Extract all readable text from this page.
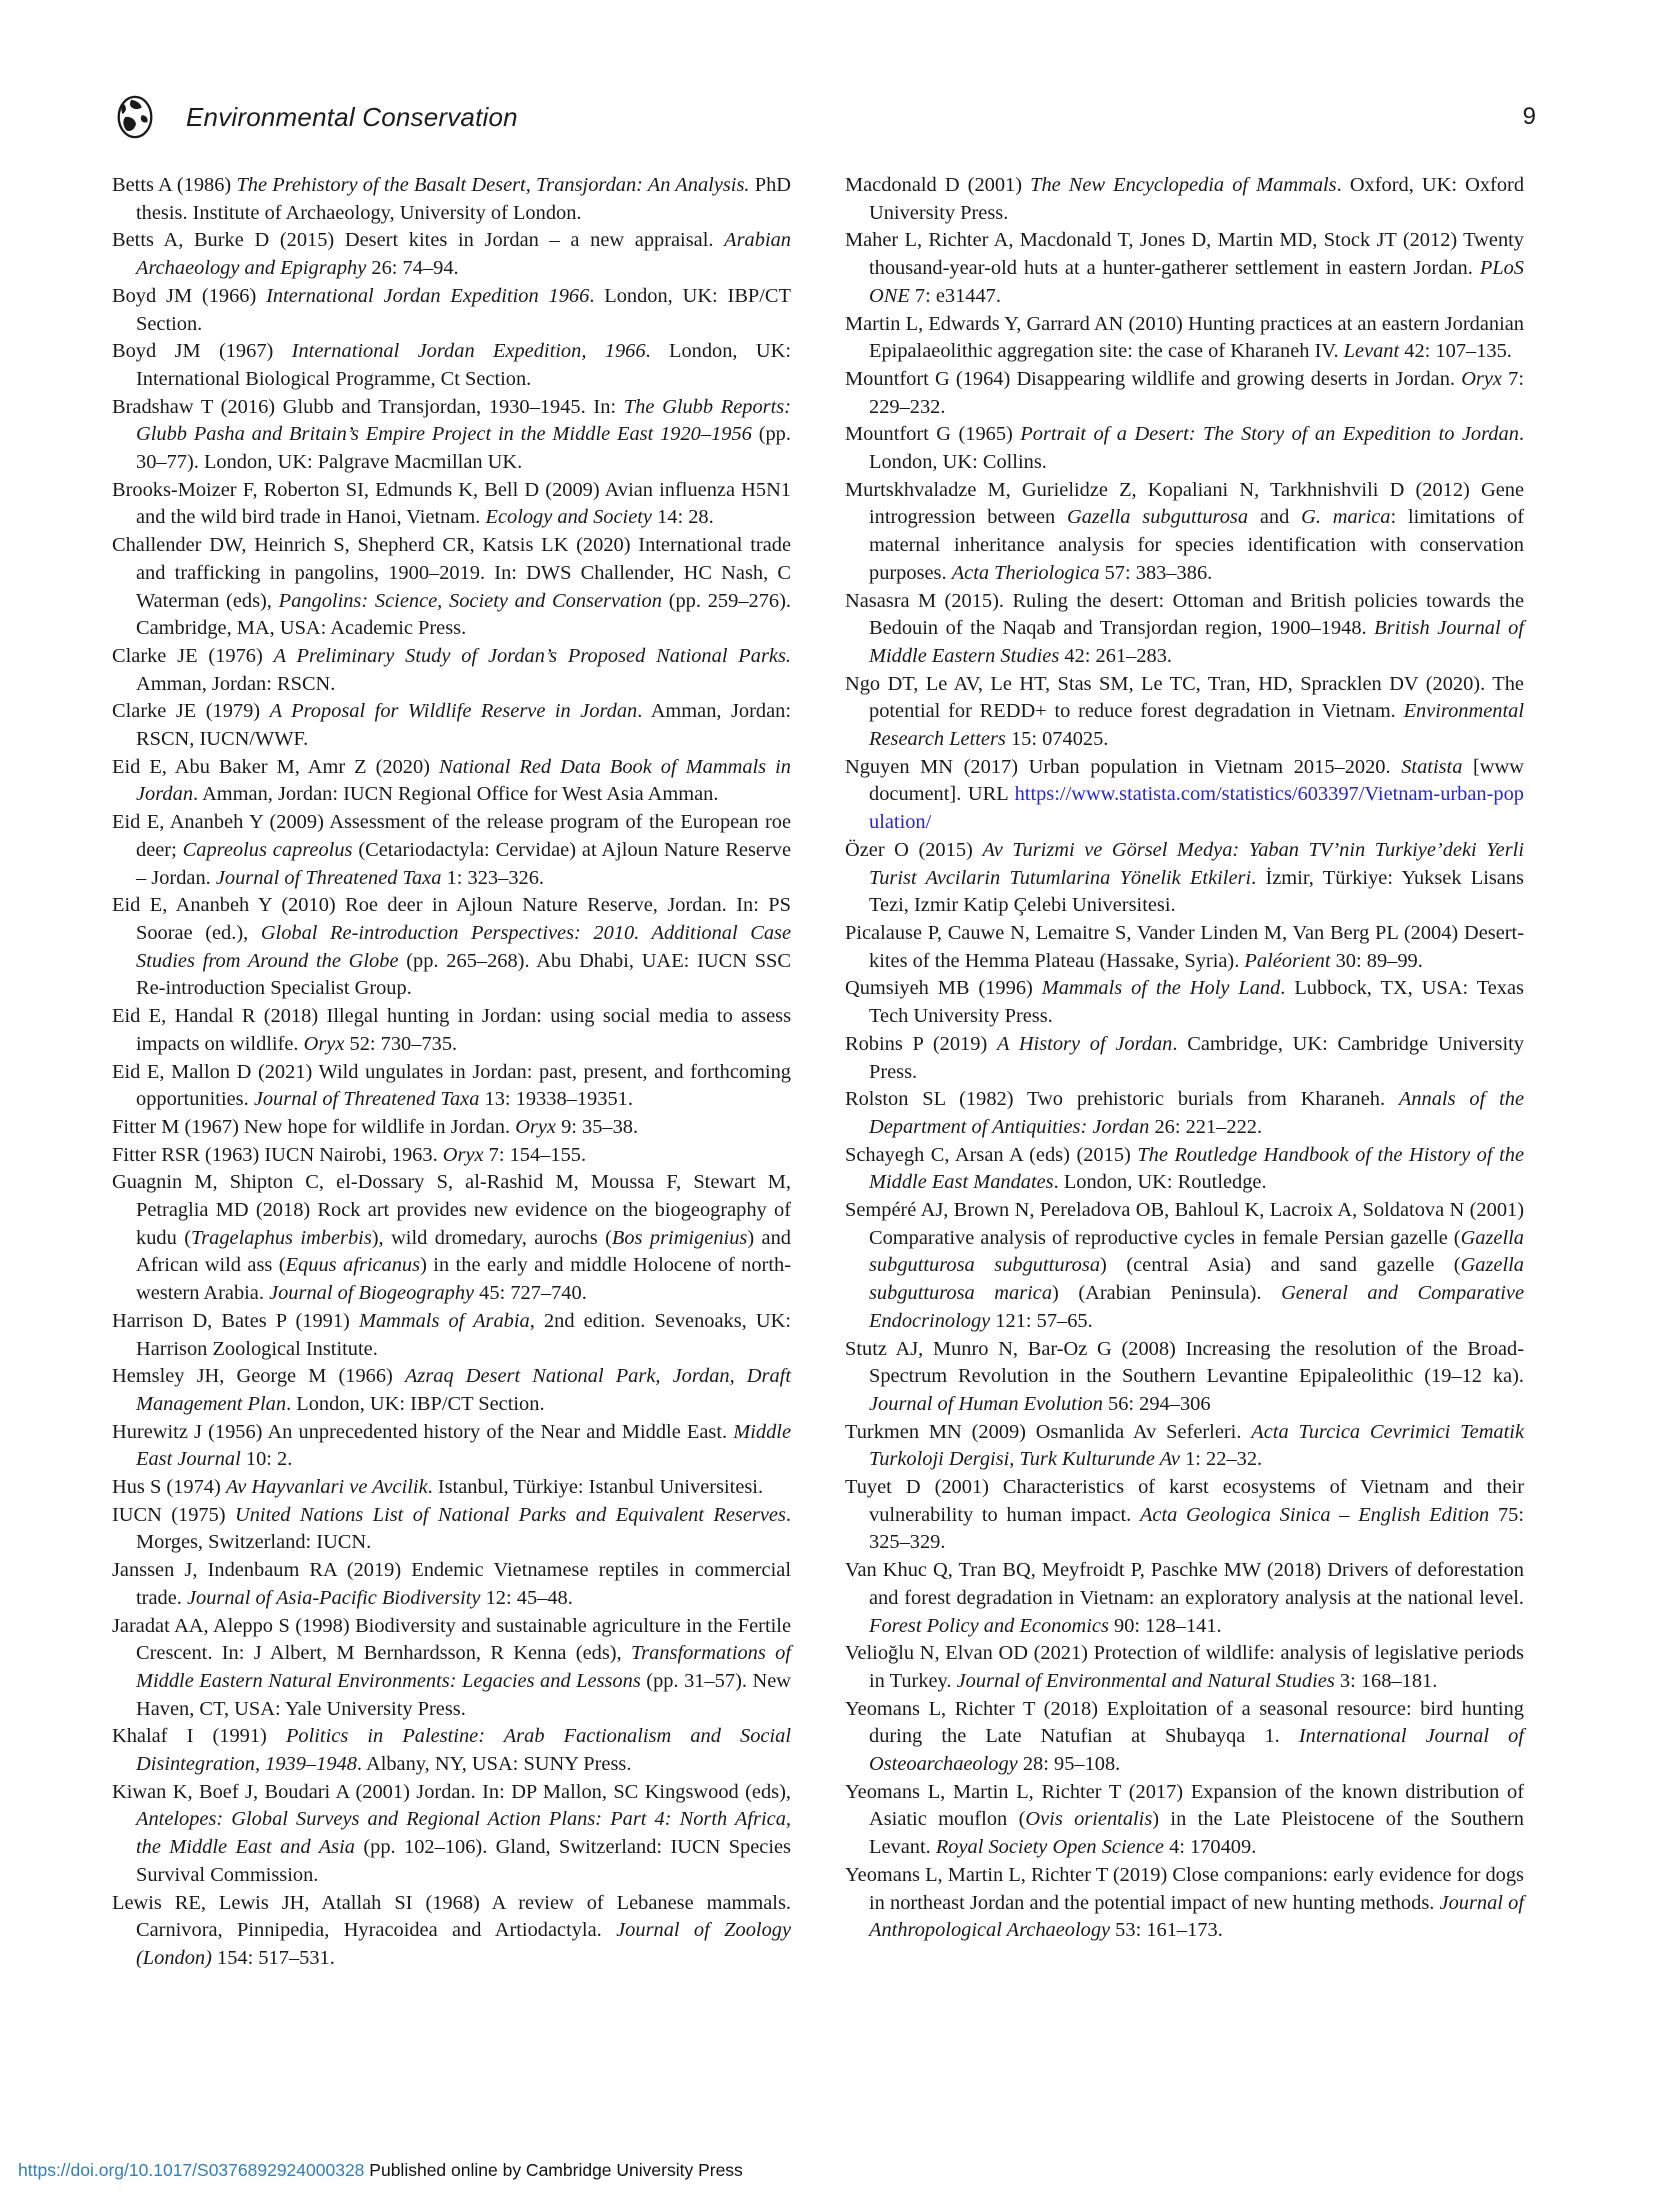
Environmental Conservation	9

Betts A (1986) The Prehistory of the Basalt Desert, Transjordan: An Analysis. PhD thesis. Institute of Archaeology, University of London.

Betts A, Burke D (2015) Desert kites in Jordan – a new appraisal. Arabian Archaeology and Epigraphy 26: 74–94.

Boyd JM (1966) International Jordan Expedition 1966. London, UK: IBP/CT Section.

Boyd JM (1967) International Jordan Expedition, 1966. London, UK: International Biological Programme, Ct Section.

Bradshaw T (2016) Glubb and Transjordan, 1930–1945. In: The Glubb Reports: Glubb Pasha and Britain’s Empire Project in the Middle East 1920–1956 (pp. 30–77). London, UK: Palgrave Macmillan UK.

Brooks-Moizer F, Roberton SI, Edmunds K, Bell D (2009) Avian influenza H5N1 and the wild bird trade in Hanoi, Vietnam. Ecology and Society 14: 28.

Challender DW, Heinrich S, Shepherd CR, Katsis LK (2020) International trade and trafficking in pangolins, 1900–2019. In: DWS Challender, HC Nash, C Waterman (eds), Pangolins: Science, Society and Conservation (pp. 259–276). Cambridge, MA, USA: Academic Press.

Clarke JE (1976) A Preliminary Study of Jordan’s Proposed National Parks. Amman, Jordan: RSCN.

Clarke JE (1979) A Proposal for Wildlife Reserve in Jordan. Amman, Jordan: RSCN, IUCN/WWF.

Eid E, Abu Baker M, Amr Z (2020) National Red Data Book of Mammals in Jordan. Amman, Jordan: IUCN Regional Office for West Asia Amman.

Eid E, Ananbeh Y (2009) Assessment of the release program of the European roe deer; Capreolus capreolus (Cetariodactyla: Cervidae) at Ajloun Nature Reserve – Jordan. Journal of Threatened Taxa 1: 323–326.

Eid E, Ananbeh Y (2010) Roe deer in Ajloun Nature Reserve, Jordan. In: PS Soorae (ed.), Global Re-introduction Perspectives: 2010. Additional Case Studies from Around the Globe (pp. 265–268). Abu Dhabi, UAE: IUCN SSC Re-introduction Specialist Group.

Eid E, Handal R (2018) Illegal hunting in Jordan: using social media to assess impacts on wildlife. Oryx 52: 730–735.

Eid E, Mallon D (2021) Wild ungulates in Jordan: past, present, and forthcoming opportunities. Journal of Threatened Taxa 13: 19338–19351.

Fitter M (1967) New hope for wildlife in Jordan. Oryx 9: 35–38.

Fitter RSR (1963) IUCN Nairobi, 1963. Oryx 7: 154–155.

Guagnin M, Shipton C, el-Dossary S, al-Rashid M, Moussa F, Stewart M, Petraglia MD (2018) Rock art provides new evidence on the biogeography of kudu (Tragelaphus imberbis), wild dromedary, aurochs (Bos primigenius) and African wild ass (Equus africanus) in the early and middle Holocene of north-western Arabia. Journal of Biogeography 45: 727–740.

Harrison D, Bates P (1991) Mammals of Arabia, 2nd edition. Sevenoaks, UK: Harrison Zoological Institute.

Hemsley JH, George M (1966) Azraq Desert National Park, Jordan, Draft Management Plan. London, UK: IBP/CT Section.

Hurewitz J (1956) An unprecedented history of the Near and Middle East. Middle East Journal 10: 2.

Hus S (1974) Av Hayvanlari ve Avcilik. Istanbul, Türkiye: Istanbul Universitesi.

IUCN (1975) United Nations List of National Parks and Equivalent Reserves. Morges, Switzerland: IUCN.

Janssen J, Indenbaum RA (2019) Endemic Vietnamese reptiles in commercial trade. Journal of Asia-Pacific Biodiversity 12: 45–48.

Jaradat AA, Aleppo S (1998) Biodiversity and sustainable agriculture in the Fertile Crescent. In: J Albert, M Bernhardsson, R Kenna (eds), Transformations of Middle Eastern Natural Environments: Legacies and Lessons (pp. 31–57). New Haven, CT, USA: Yale University Press.

Khalaf I (1991) Politics in Palestine: Arab Factionalism and Social Disintegration, 1939–1948. Albany, NY, USA: SUNY Press.

Kiwan K, Boef J, Boudari A (2001) Jordan. In: DP Mallon, SC Kingswood (eds), Antelopes: Global Surveys and Regional Action Plans: Part 4: North Africa, the Middle East and Asia (pp. 102–106). Gland, Switzerland: IUCN Species Survival Commission.

Lewis RE, Lewis JH, Atallah SI (1968) A review of Lebanese mammals. Carnivora, Pinnipedia, Hyracoidea and Artiodactyla. Journal of Zoology (London) 154: 517–531.

Macdonald D (2001) The New Encyclopedia of Mammals. Oxford, UK: Oxford University Press.

Maher L, Richter A, Macdonald T, Jones D, Martin MD, Stock JT (2012) Twenty thousand-year-old huts at a hunter-gatherer settlement in eastern Jordan. PLoS ONE 7: e31447.

Martin L, Edwards Y, Garrard AN (2010) Hunting practices at an eastern Jordanian Epipalaeolithic aggregation site: the case of Kharaneh IV. Levant 42: 107–135.

Mountfort G (1964) Disappearing wildlife and growing deserts in Jordan. Oryx 7: 229–232.

Mountfort G (1965) Portrait of a Desert: The Story of an Expedition to Jordan. London, UK: Collins.

Murtskhvaladze M, Gurielidze Z, Kopaliani N, Tarkhnishvili D (2012) Gene introgression between Gazella subgutturosa and G. marica: limitations of maternal inheritance analysis for species identification with conservation purposes. Acta Theriologica 57: 383–386.

Nasasra M (2015). Ruling the desert: Ottoman and British policies towards the Bedouin of the Naqab and Transjordan region, 1900–1948. British Journal of Middle Eastern Studies 42: 261–283.

Ngo DT, Le AV, Le HT, Stas SM, Le TC, Tran, HD, Spracklen DV (2020). The potential for REDD+ to reduce forest degradation in Vietnam. Environmental Research Letters 15: 074025.

Nguyen MN (2017) Urban population in Vietnam 2015–2020. Statista [www document]. URL https://www.statista.com/statistics/603397/Vietnam-urban-population/

Özer O (2015) Av Turizmi ve Görsel Medya: Yaban TV’nin Turkiye’deki Yerli Turist Avcilarin Tutumlarina Yönelik Etkileri. İzmir, Türkiye: Yuksek Lisans Tezi, Izmir Katip Çelebi Universitesi.

Picalause P, Cauwe N, Lemaitre S, Vander Linden M, Van Berg PL (2004) Desert-kites of the Hemma Plateau (Hassake, Syria). Paléorient 30: 89–99.

Qumsiyeh MB (1996) Mammals of the Holy Land. Lubbock, TX, USA: Texas Tech University Press.

Robins P (2019) A History of Jordan. Cambridge, UK: Cambridge University Press.

Rolston SL (1982) Two prehistoric burials from Kharaneh. Annals of the Department of Antiquities: Jordan 26: 221–222.

Schayegh C, Arsan A (eds) (2015) The Routledge Handbook of the History of the Middle East Mandates. London, UK: Routledge.

Sempéré AJ, Brown N, Pereladova OB, Bahloul K, Lacroix A, Soldatova N (2001) Comparative analysis of reproductive cycles in female Persian gazelle (Gazella subgutturosa subgutturosa) (central Asia) and sand gazelle (Gazella subgutturosa marica) (Arabian Peninsula). General and Comparative Endocrinology 121: 57–65.

Stutz AJ, Munro N, Bar-Oz G (2008) Increasing the resolution of the Broad-Spectrum Revolution in the Southern Levantine Epipaleolithic (19–12 ka). Journal of Human Evolution 56: 294–306

Turkmen MN (2009) Osmanlida Av Seferleri. Acta Turcica Cevrimici Tematik Turkoloji Dergisi, Turk Kulturunde Av 1: 22–32.

Tuyet D (2001) Characteristics of karst ecosystems of Vietnam and their vulnerability to human impact. Acta Geologica Sinica – English Edition 75: 325–329.

Van Khuc Q, Tran BQ, Meyfroidt P, Paschke MW (2018) Drivers of deforestation and forest degradation in Vietnam: an exploratory analysis at the national level. Forest Policy and Economics 90: 128–141.

Velioğlu N, Elvan OD (2021) Protection of wildlife: analysis of legislative periods in Turkey. Journal of Environmental and Natural Studies 3: 168–181.

Yeomans L, Richter T (2018) Exploitation of a seasonal resource: bird hunting during the Late Natufian at Shubayqa 1. International Journal of Osteoarchaeology 28: 95–108.

Yeomans L, Martin L, Richter T (2017) Expansion of the known distribution of Asiatic mouflon (Ovis orientalis) in the Late Pleistocene of the Southern Levant. Royal Society Open Science 4: 170409.

Yeomans L, Martin L, Richter T (2019) Close companions: early evidence for dogs in northeast Jordan and the potential impact of new hunting methods. Journal of Anthropological Archaeology 53: 161–173.

https://doi.org/10.1017/S0376892924000328 Published online by Cambridge University Press
